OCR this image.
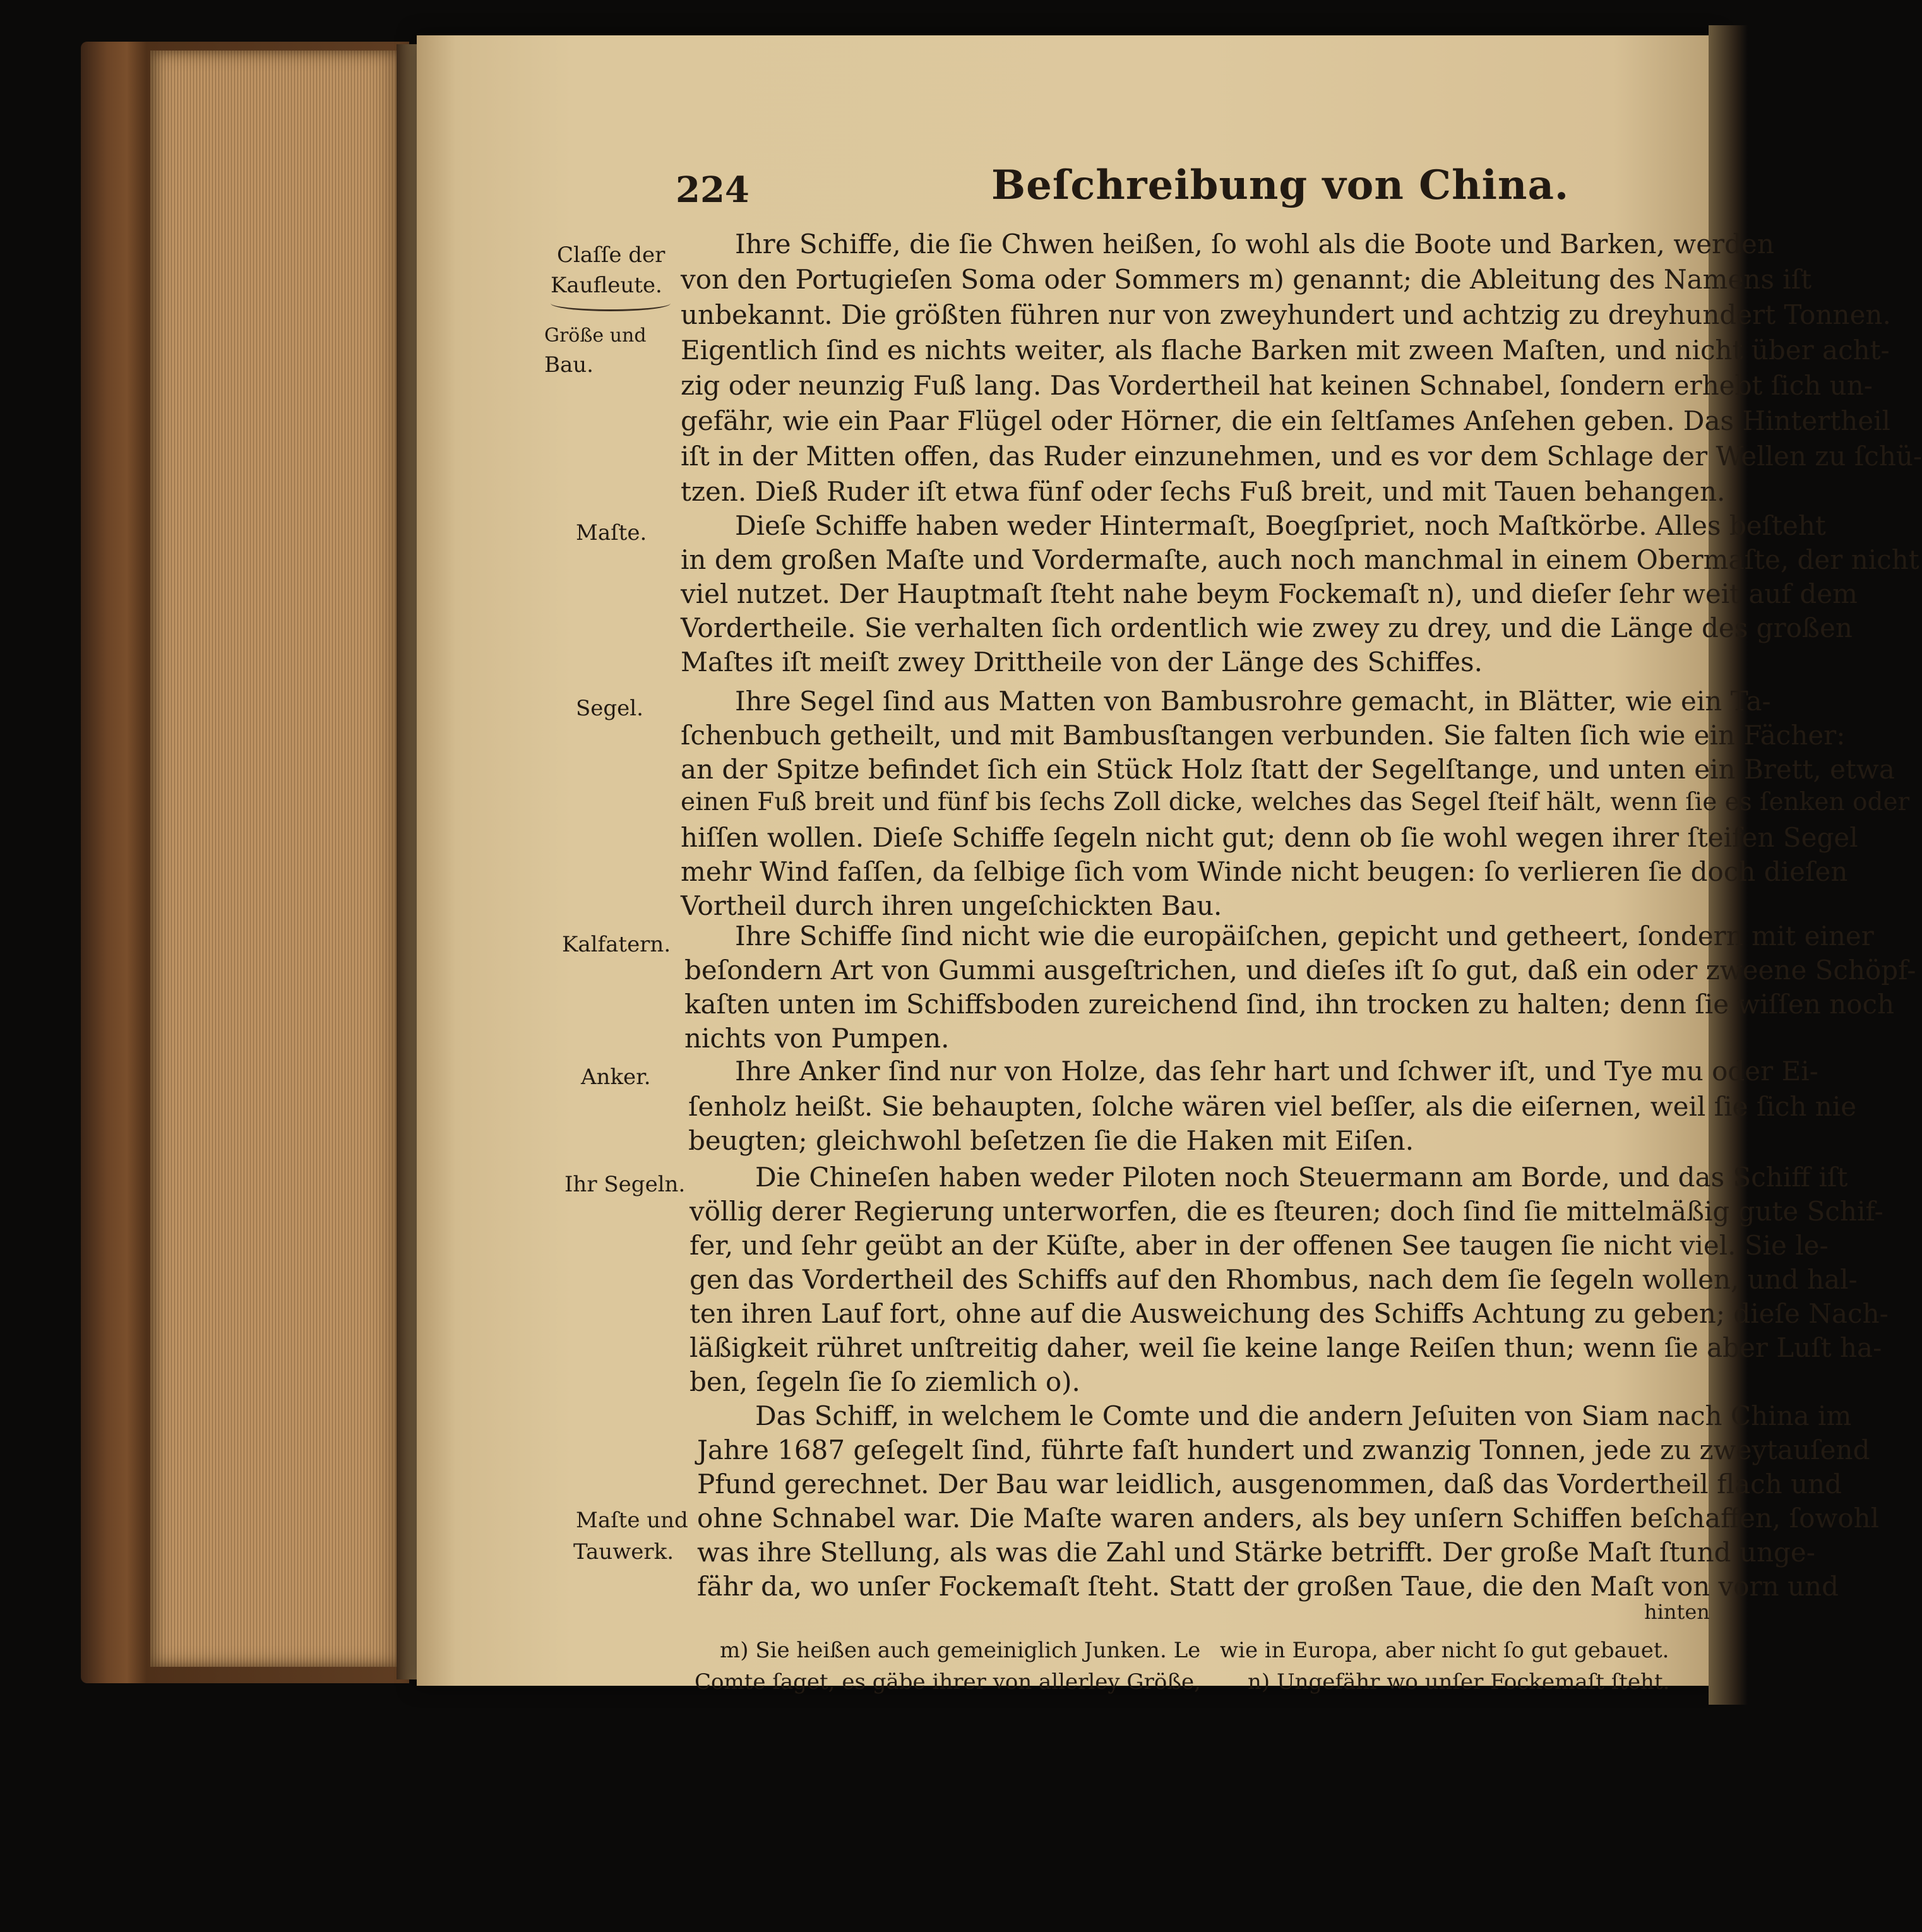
224	Beſchreibung von China.
Claſſe der
Kaufleute.
Größe und
Bau.
Maſte.
Segel.
Kalfatern.
Anker.
Ihr Segeln.
Maſte und
Tauwerk.
Ihre Schiffe, die ſie Chwen heißen, ſo wohl als die Boote und Barken, werden
von den Portugieſen Soma oder Sommers m) genannt; die Ableitung des Namens iſt
unbekannt. Die größten führen nur von zweyhundert und achtzig zu dreyhundert Tonnen.
Eigentlich ſind es nichts weiter, als flache Barken mit zween Maſten, und nicht über acht-
zig oder neunzig Fuß lang. Das Vordertheil hat keinen Schnabel, ſondern erhebt ſich un-
gefähr, wie ein Paar Flügel oder Hörner, die ein ſeltſames Anſehen geben. Das Hintertheil
iſt in der Mitten offen, das Ruder einzunehmen, und es vor dem Schlage der Wellen zu ſchü-
tzen. Dieß Ruder iſt etwa fünf oder ſechs Fuß breit, und mit Tauen behangen.
Dieſe Schiffe haben weder Hintermaſt, Boegſpriet, noch Maſtkörbe. Alles beſteht
in dem großen Maſte und Vordermaſte, auch noch manchmal in einem Obermaſte, der nicht
viel nutzet. Der Hauptmaſt ſteht nahe beym Fockemaſt n), und dieſer ſehr weit auf dem
Vordertheile. Sie verhalten ſich ordentlich wie zwey zu drey, und die Länge des großen
Maſtes iſt meiſt zwey Drittheile von der Länge des Schiffes.
Ihre Segel ſind aus Matten von Bambusrohre gemacht, in Blätter, wie ein Ta-
ſchenbuch getheilt, und mit Bambusſtangen verbunden. Sie falten ſich wie ein Fächer:
an der Spitze befindet ſich ein Stück Holz ſtatt der Segelſtange, und unten ein Brett, etwa
einen Fuß breit und fünf bis ſechs Zoll dicke, welches das Segel ſteif hält, wenn ſie es ſenken oder
hiſſen wollen. Dieſe Schiffe ſegeln nicht gut; denn ob ſie wohl wegen ihrer ſteifen Segel
mehr Wind faſſen, da ſelbige ſich vom Winde nicht beugen: ſo verlieren ſie doch dieſen
Vortheil durch ihren ungeſchickten Bau.
Ihre Schiffe ſind nicht wie die europäiſchen, gepicht und getheert, ſondern mit einer
beſondern Art von Gummi ausgeſtrichen, und dieſes iſt ſo gut, daß ein oder zweene Schöpf-
kaſten unten im Schiffsboden zureichend ſind, ihn trocken zu halten; denn ſie wiſſen noch
nichts von Pumpen.
Ihre Anker ſind nur von Holze, das ſehr hart und ſchwer iſt, und Tye mu oder Ei-
ſenholz heißt. Sie behaupten, ſolche wären viel beſſer, als die eiſernen, weil ſie ſich nie
beugten; gleichwohl beſetzen ſie die Haken mit Eiſen.
Die Chineſen haben weder Piloten noch Steuermann am Borde, und das Schiff iſt
völlig derer Regierung unterworfen, die es ſteuren; doch ſind ſie mittelmäßig gute Schif-
fer, und ſehr geübt an der Küſte, aber in der offenen See taugen ſie nicht viel. Sie le-
gen das Vordertheil des Schiffs auf den Rhombus, nach dem ſie ſegeln wollen, und hal-
ten ihren Lauf fort, ohne auf die Ausweichung des Schiffs Achtung zu geben; dieſe Nach-
läßigkeit rühret unſtreitig daher, weil ſie keine lange Reiſen thun; wenn ſie aber Luſt ha-
ben, ſegeln ſie ſo ziemlich o).
Das Schiff, in welchem le Comte und die andern Jeſuiten von Siam nach China im
Jahre 1687 geſegelt ſind, führte faſt hundert und zwanzig Tonnen, jede zu zweytauſend
Pfund gerechnet. Der Bau war leidlich, ausgenommen, daß das Vordertheil flach und
ohne Schnabel war. Die Maſte waren anders, als bey unſern Schiffen beſchaffen, ſowohl
was ihre Stellung, als was die Zahl und Stärke betrifft. Der große Maſt ſtund unge-
fähr da, wo unſer Fockemaſt ſteht. Statt der großen Taue, die den Maſt von vorn und
hinten
m) Sie heißen auch gemeiniglich Junken. Le
Comte ſaget, es gäbe ihrer von allerley Größe,
wie in Europa, aber nicht ſo gut gebauet.
n) Ungefähr wo unſer Fockemaſt ſteht.
